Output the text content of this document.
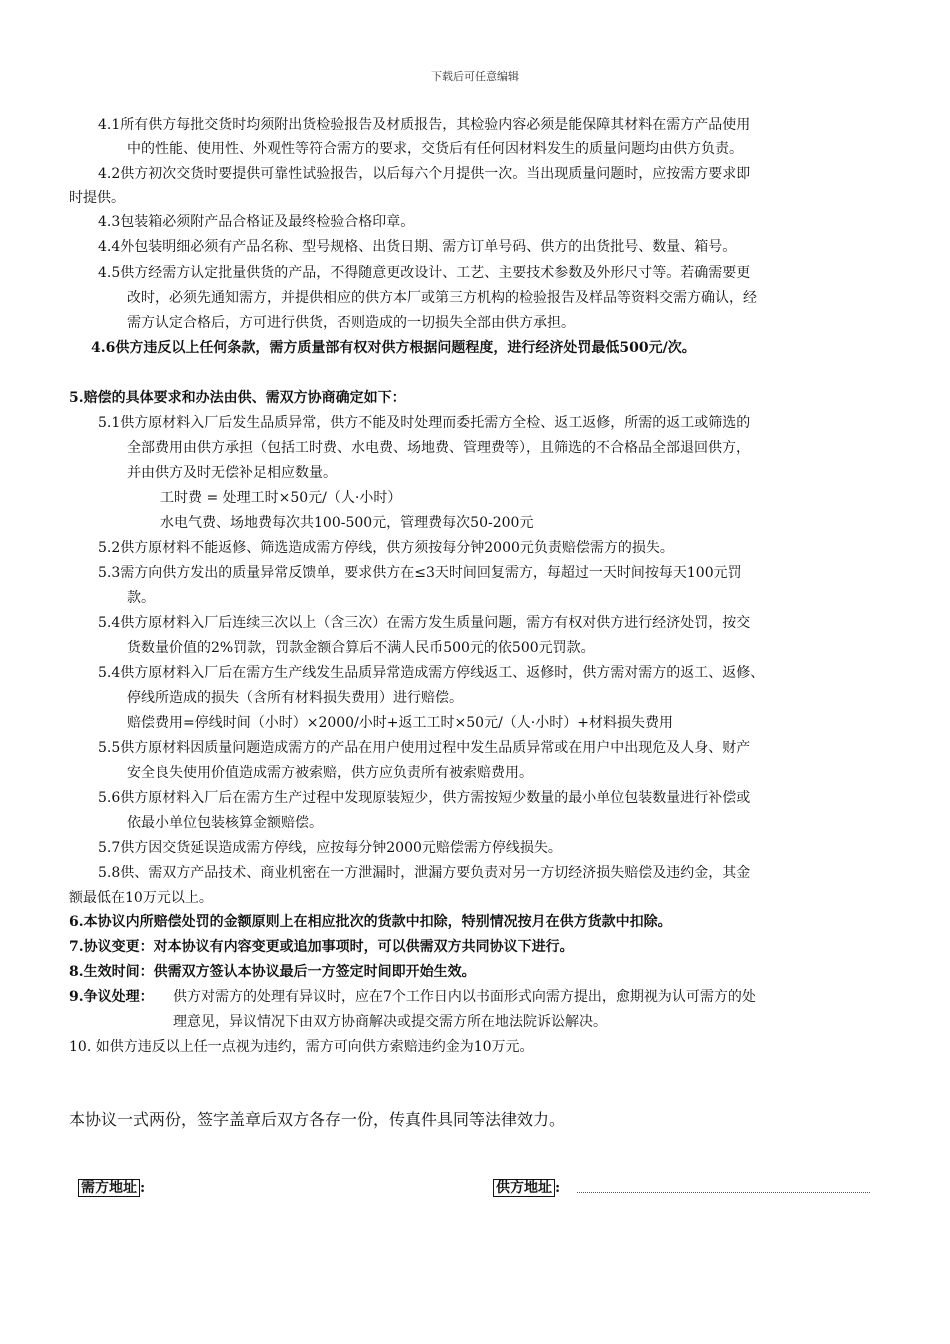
下载后可任意编辑
4.1所有供方每批交货时均须附出货检验报告及材质报告，其检验内容必须是能保障其材料在需方产品使用
中的性能、使用性、外观性等符合需方的要求，交货后有任何因材料发生的质量问题均由供方负责。
4.2供方初次交货时要提供可靠性试验报告，以后每六个月提供一次。当出现质量问题时，应按需方要求即
时提供。
4.3包装箱必须附产品合格证及最终检验合格印章。
4.4外包装明细必须有产品名称、型号规格、出货日期、需方订单号码、供方的出货批号、数量、箱号。
4.5供方经需方认定批量供货的产品，不得随意更改设计、工艺、主要技术参数及外形尺寸等。若确需要更
改时，必须先通知需方，并提供相应的供方本厂或第三方机构的检验报告及样品等资料交需方确认，经
需方认定合格后，方可进行供货，否则造成的一切损失全部由供方承担。
4.6供方违反以上任何条款，需方质量部有权对供方根据问题程度，进行经济处罚最低500元/次。
5.赔偿的具体要求和办法由供、需双方协商确定如下：
5.1供方原材料入厂后发生品质异常，供方不能及时处理而委托需方全检、返工返修，所需的返工或筛选的
全部费用由供方承担（包括工时费、水电费、场地费、管理费等），且筛选的不合格品全部退回供方，
并由供方及时无偿补足相应数量。
工时费 = 处理工时×50元/（人·小时）
水电气费、场地费每次共100-500元，管理费每次50-200元
5.2供方原材料不能返修、筛选造成需方停线，供方须按每分钟2000元负责赔偿需方的损失。
5.3需方向供方发出的质量异常反馈单，要求供方在≤3天时间回复需方，每超过一天时间按每天100元罚
款。
5.4供方原材料入厂后连续三次以上（含三次）在需方发生质量问题，需方有权对供方进行经济处罚，按交
货数量价值的2%罚款，罚款金额合算后不满人民币500元的依500元罚款。
5.4供方原材料入厂后在需方生产线发生品质异常造成需方停线返工、返修时，供方需对需方的返工、返修、
停线所造成的损失（含所有材料损失费用）进行赔偿。
赔偿费用=停线时间（小时）×2000/小时+返工工时×50元/（人·小时）+材料损失费用
5.5供方原材料因质量问题造成需方的产品在用户使用过程中发生品质异常或在用户中出现危及人身、财产
安全良失使用价值造成需方被索赔，供方应负责所有被索赔费用。
5.6供方原材料入厂后在需方生产过程中发现原装短少，供方需按短少数量的最小单位包装数量进行补偿或
依最小单位包装核算金额赔偿。
5.7供方因交货延误造成需方停线，应按每分钟2000元赔偿需方停线损失。
5.8供、需双方产品技术、商业机密在一方泄漏时，泄漏方要负责对另一方切经济损失赔偿及违约金，其金
额最低在10万元以上。
6.本协议内所赔偿处罚的金额原则上在相应批次的货款中扣除，特别情况按月在供方货款中扣除。
7.协议变更：对本协议有内容变更或追加事项时，可以供需双方共同协议下进行。
8.生效时间：供需双方签认本协议最后一方签定时间即开始生效。
9.争议处理： 供方对需方的处理有异议时，应在7个工作日内以书面形式向需方提出，愈期视为认可需方的处
理意见，异议情况下由双方协商解决或提交需方所在地法院诉讼解决。
10. 如供方违反以上任一点视为违约，需方可向供方索赔违约金为10万元。
本协议一式两份，签字盖章后双方各存一份，传真件具同等法律效力。
需方地址 :	供方地址 :
